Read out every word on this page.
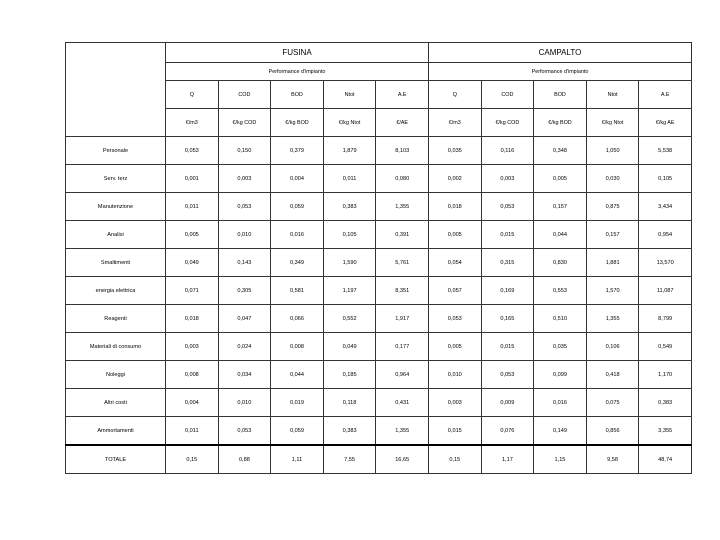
	FUSINA					CAMPALTO				
	Performance d'impianto					Performance d'impianto				
	Q	COD	BOD	Ntot	A.E	Q	COD	BOD	Ntot	A.E
	€/m3	€/kg COD	€/kg BOD	€/kg Ntot	€/AE	€/m3	€/kg COD	€/kg BOD	€/kg Ntot	€/kg AE
Personale	0,053	0,150	0,379	1,879	8,103	0,035	0,116	0,348	1,050	5,538
Serv. terz	0,001	0,003	0,004	0,011	0,080	0,002	0,003	0,005	0,030	0,105
Manutenzione	0,011	0,053	0,059	0,383	1,355	0,018	0,053	0,157	0,875	3,434
Analisi	0,005	0,010	0,016	0,105	0,391	0,005	0,015	0,044	0,157	0,954
Smaltimenti	0,049	0,143	0,349	1,590	5,761	0,054	0,315	0,830	1,881	13,570
energia elettrica	0,071	0,305	0,581	1,197	8,351	0,057	0,169	0,553	1,570	11,087
Reagenti	0,018	0,047	0,066	0,552	1,917	0,053	0,165	0,510	1,355	8,799
Materiali di consumo	0,003	0,024	0,008	0,049	0,177	0,005	0,015	0,035	0,106	0,549
Noleggi	0,008	0,034	0,044	0,185	0,964	0,010	0,053	0,099	0,418	1,170
Altri costi	0,004	0,010	0,019	0,118	0,431	0,003	0,009	0,016	0,075	0,383
Ammortamenti	0,011	0,053	0,059	0,383	1,355	0,015	0,076	0,149	0,856	3,355
TOTALE	0,15	0,88	1,11	7,55	16,65	0,15	1,17	1,15	9,58	48,74
